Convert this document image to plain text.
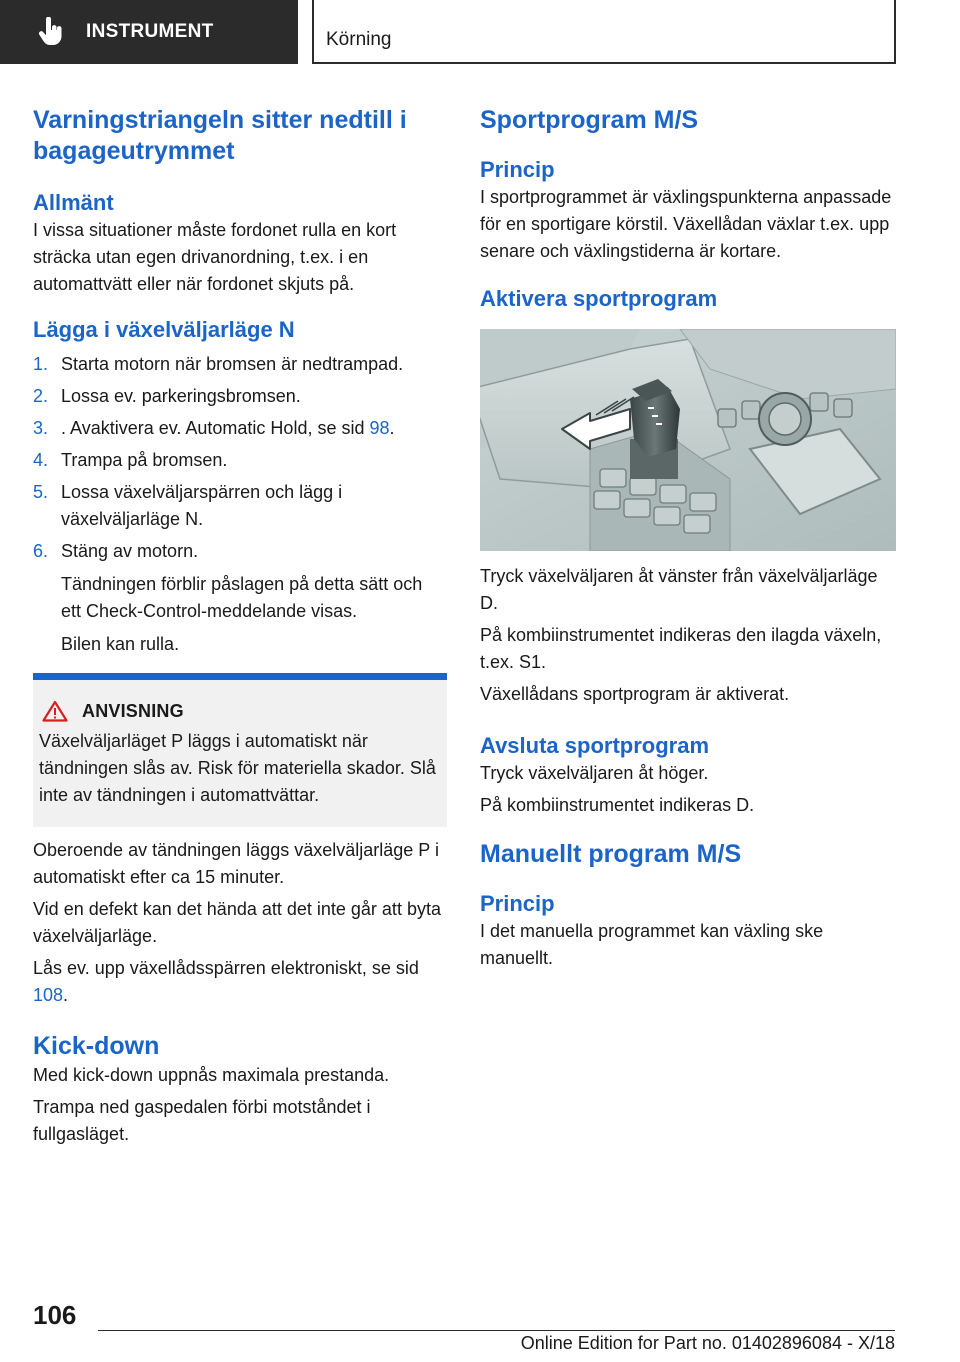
INSTRUMENT	Körning
Varningstriangeln sitter nedtill i bagageutrymmet
Allmänt

I vissa situationer måste fordonet rulla en kort sträcka utan egen drivanordning, t.ex. i en automattvätt eller när fordonet skjuts på.

Lägga i växelväljarläge N
1. Starta motorn när bromsen är nedtrampad.
2. Lossa ev. parkeringsbromsen.
3. . Avaktivera ev. Automatic Hold, se sid 98.
4. Trampa på bromsen.
5. Lossa växelväljarspärren och lägg i växelväljarläge N.
6. Stäng av motorn.
Tändningen förblir påslagen på detta sätt och ett Check-Control-meddelande visas.
Bilen kan rulla.
ANVISNING

Växelväljarläget P läggs i automatiskt när tändningen slås av. Risk för materiella skador. Slå inte av tändningen i automattvättar.

Oberoende av tändningen läggs växelväljarläge P i automatiskt efter ca 15 minuter.

Vid en defekt kan det hända att det inte går att byta växelväljarläge.

Lås ev. upp växellådsspärren elektroniskt, se sid 108.

Kick-down

Med kick-down uppnås maximala prestanda.

Trampa ned gaspedalen förbi motståndet i fullgasläget.

Sportprogram M/S
Princip

I sportprogrammet är växlingspunkterna anpassade för en sportigare körstil. Växellådan växlar t.ex. upp senare och växlingstiderna är kortare.

Aktivera sportprogram

Tryck växelväljaren åt vänster från växelväljarläge D.

På kombiinstrumentet indikeras den ilagda växeln, t.ex. S1.

Växellådans sportprogram är aktiverat.

Avsluta sportprogram

Tryck växelväljaren åt höger.

På kombiinstrumentet indikeras D.

Manuellt program M/S
Princip

I det manuella programmet kan växling ske manuellt.

106
Online Edition for Part no. 01402896084 - X/18
